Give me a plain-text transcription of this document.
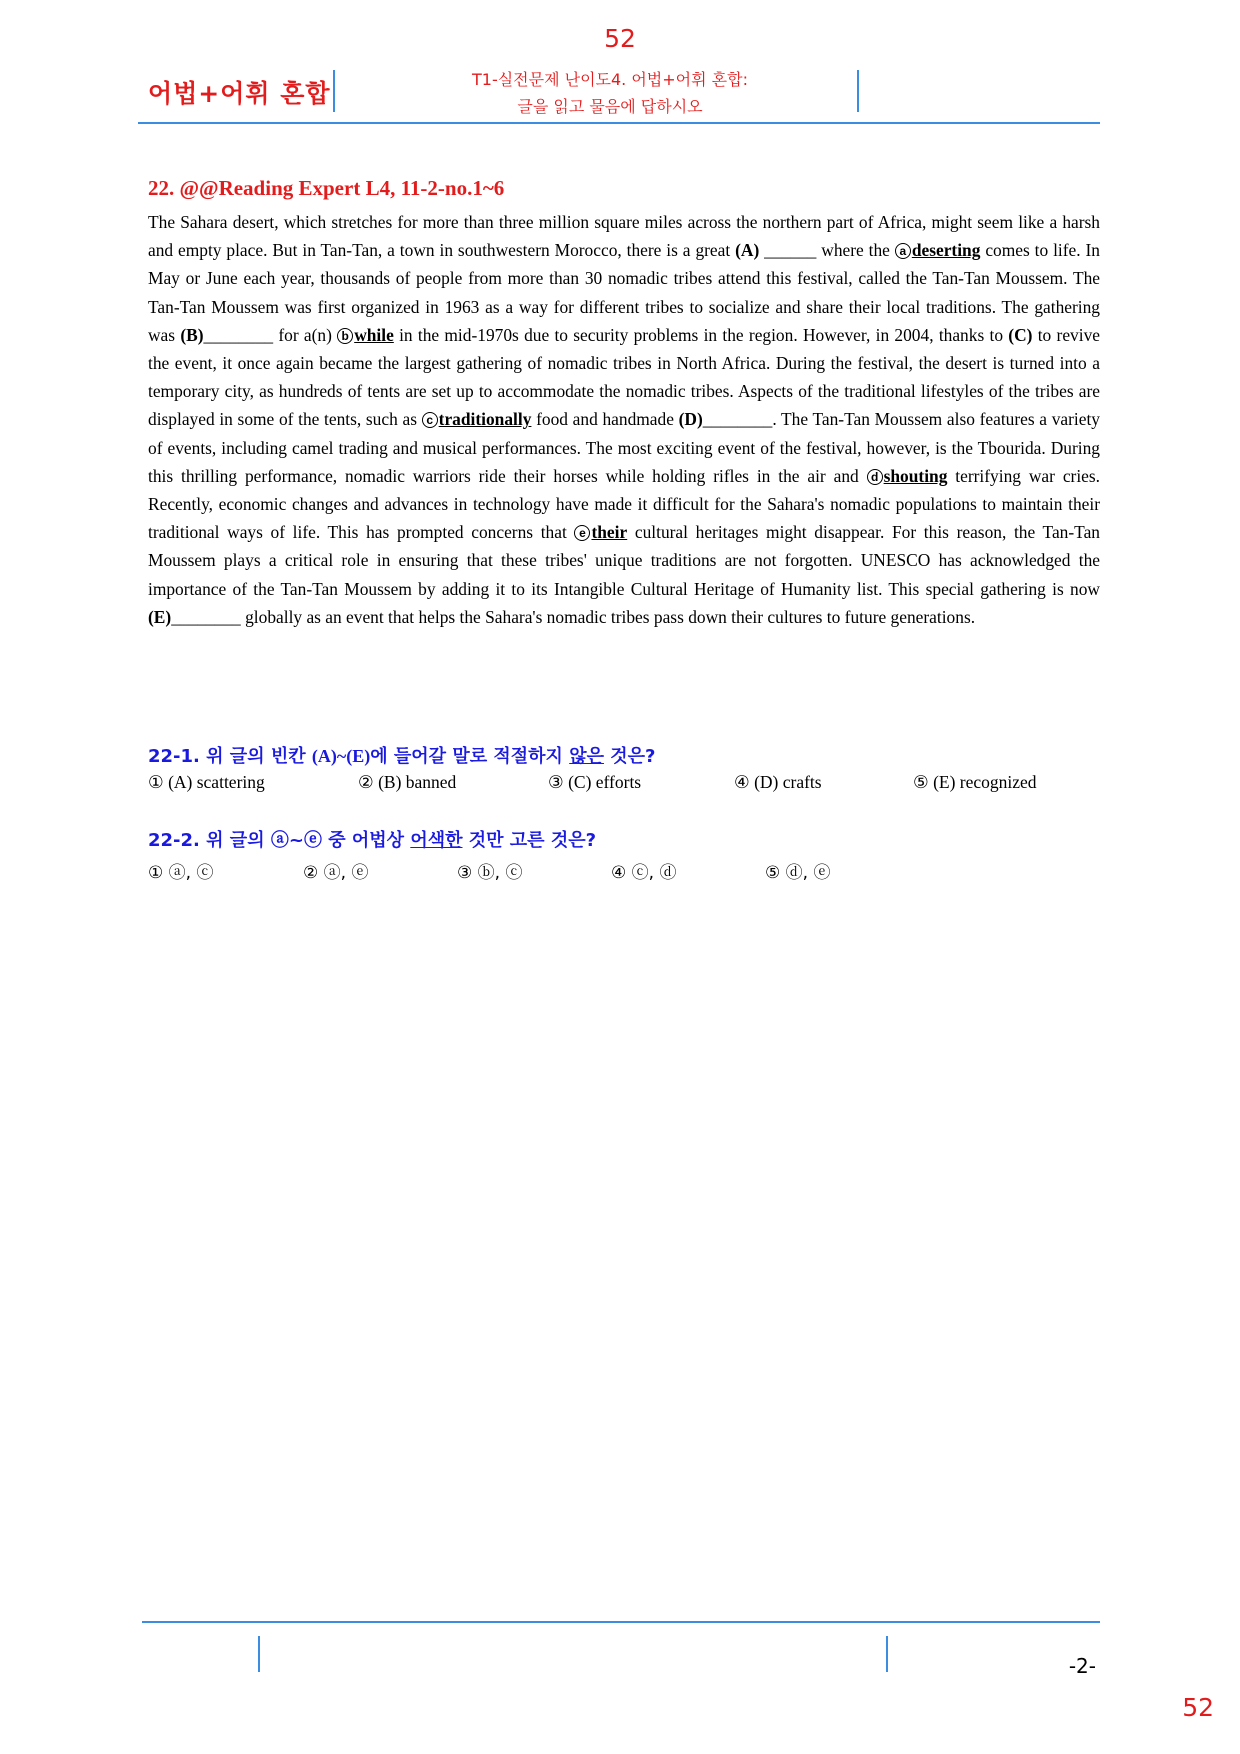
52
어법+어휘 혼합	T1-실전문제 난이도4. 어법+어휘 혼합:
글을 읽고 물음에 답하시오
22. @@Reading Expert L4, 11-2-no.1~6
The Sahara desert, which stretches for more than three million square miles across the northern part of Africa, might seem like a harsh and empty place. But in Tan-Tan, a town in southwestern Morocco, there is a great (A) ______ where the a deserting comes to life. In May or June each year, thousands of people from more than 30 nomadic tribes attend this festival, called the Tan-Tan Moussem. The Tan-Tan Moussem was first organized in 1963 as a way for different tribes to socialize and share their local traditions. The gathering was (B)________ for a(n) b while in the mid-1970s due to security problems in the region. However, in 2004, thanks to (C) to revive the event, it once again became the largest gathering of nomadic tribes in North Africa. During the festival, the desert is turned into a temporary city, as hundreds of tents are set up to accommodate the nomadic tribes. Aspects of the traditional lifestyles of the tribes are displayed in some of the tents, such as c traditionally food and handmade (D)________. The Tan-Tan Moussem also features a variety of events, including camel trading and musical performances. The most exciting event of the festival, however, is the Tbourida. During this thrilling performance, nomadic warriors ride their horses while holding rifles in the air and d shouting terrifying war cries. Recently, economic changes and advances in technology have made it difficult for the Sahara's nomadic populations to maintain their traditional ways of life. This has prompted concerns that e their cultural heritages might disappear. For this reason, the Tan-Tan Moussem plays a critical role in ensuring that these tribes' unique traditions are not forgotten. UNESCO has acknowledged the importance of the Tan-Tan Moussem by adding it to its Intangible Cultural Heritage of Humanity list. This special gathering is now (E)________ globally as an event that helps the Sahara's nomadic tribes pass down their cultures to future generations.
22-1. 위 글의 빈칸 (A)~(E)에 들어갈 말로 적절하지 않은 것은?
① (A) scattering	② (B) banned	③ (C) efforts	④ (D) crafts	⑤ (E) recognized
22-2. 위 글의 ⓐ~ⓔ 중 어법상 어색한 것만 고른 것은?
① ⓐ, ⓒ	② ⓐ, ⓔ	③ ⓑ, ⓒ	④ ⓒ, ⓓ	⑤ ⓓ, ⓔ
-2-
52
